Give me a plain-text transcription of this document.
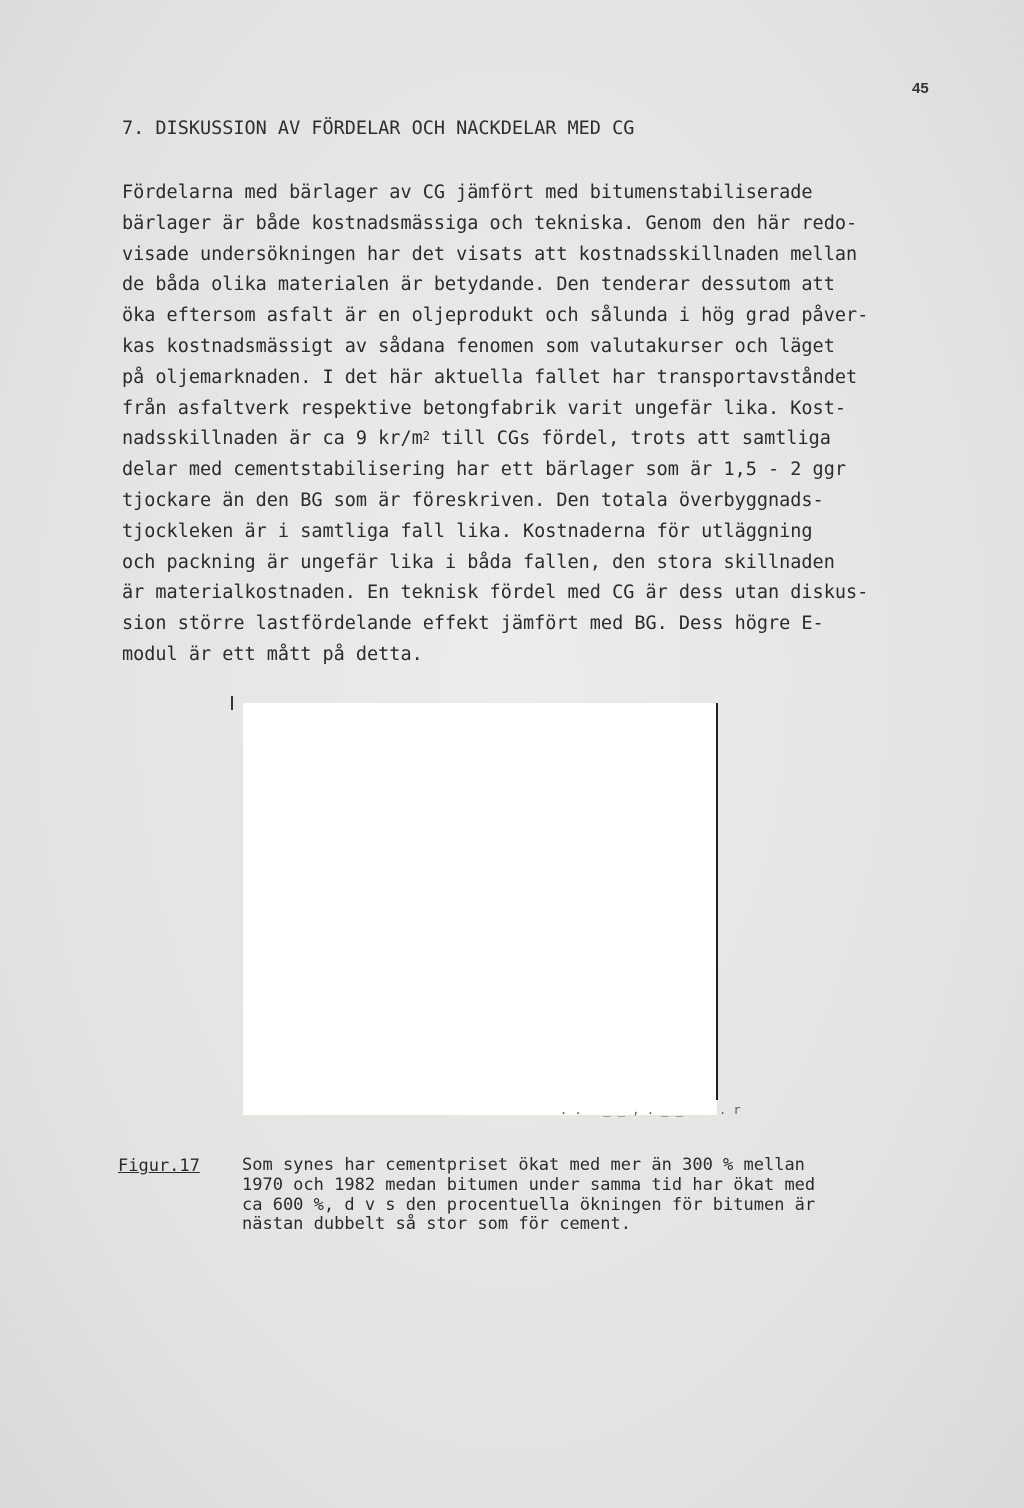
45
7. DISKUSSION AV FÖRDELAR OCH NACKDELAR MED CG
Fördelarna med bärlager av CG jämfört med bitumenstabiliserade
bärlager är både kostnadsmässiga och tekniska. Genom den här redo-
visade undersökningen har det visats att kostnadsskillnaden mellan
de båda olika materialen är betydande. Den tenderar dessutom att
öka eftersom asfalt är en oljeprodukt och sålunda i hög grad påver-
kas kostnadsmässigt av sådana fenomen som valutakurser och läget
på oljemarknaden. I det här aktuella fallet har transportavståndet
från asfaltverk respektive betongfabrik varit ungefär lika. Kost-
nadsskillnaden är ca 9 $kr/m^2$ till CGs fördel, trots att samtliga
delar med cementstabilisering har ett bärlager som är 1,5 - 2 ggr
tjockare än den BG som är föreskriven. Den totala överbyggnads-
tjockleken är i samtliga fall lika. Kostnaderna för utläggning
och packning är ungefär lika i båda fallen, den stora skillnaden
är materialkostnaden. En teknisk fördel med CG är dess utan diskus-
sion större lastfördelande effekt jämfört med BG. Dess högre E-
modul är ett mått på detta.
. .   _ _ , . _ _     . r
Figur.17 Som synes har cementpriset ökat med mer än 300 % mellan
1970 och 1982 medan bitumen under samma tid har ökat med
ca 600 %, d v s den procentuella ökningen för bitumen är
nästan dubbelt så stor som för cement.
